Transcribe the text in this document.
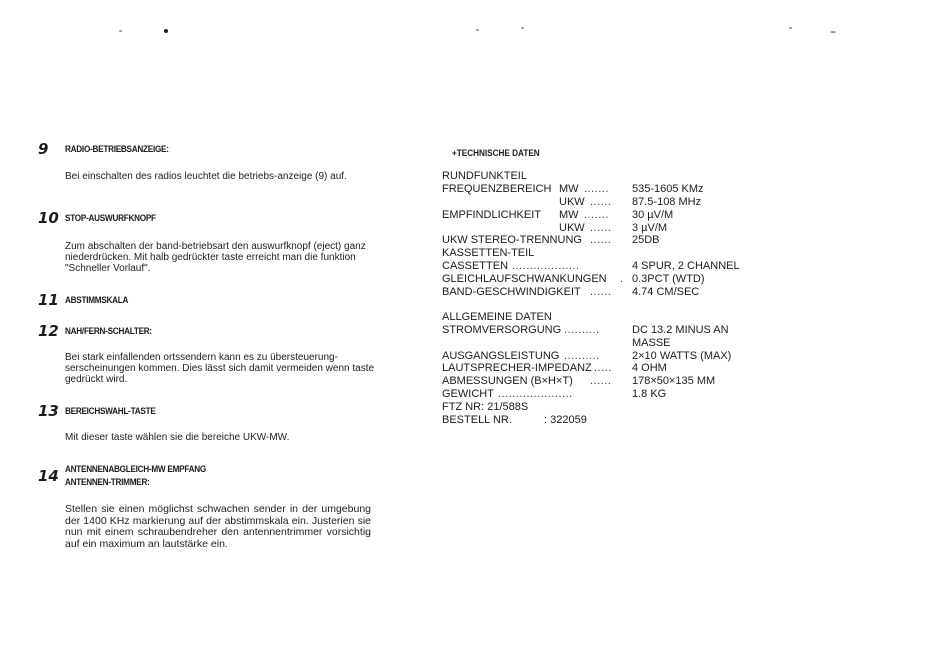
9 RADIO-BETRIEBSANZEIGE:
Bei einschalten des radios leuchtet die betriebs-anzeige (9) auf.
10 STOP-AUSWURFKNOPF
Zum abschalten der band-betriebsart den auswurfknopf (eject) ganz niederdrücken. Mit halb gedrückter taste erreicht man die funktion "Schneller Vorlauf".
11 ABSTIMMSKALA
12 NAH/FERN-SCHALTER:
Bei stark einfallenden ortssendern kann es zu übersteuerung-serscheinungen kommen. Dies lässt sich damit vermeiden wenn taste gedrückt wird.
13 BEREICHSWAHL-TASTE
Mit dieser taste wählen sie die bereiche UKW-MW.
14 ANTENNENABGLEICH-MW EMPFANG
ANTENNEN-TRIMMER:
Stellen sie einen möglichst schwachen sender in der umgebung der 1400 KHz markierung auf der abstimmskala ein. Justerien sie nun mit einem schraubendreher den antennentrimmer vorsichtig auf ein maximum an lautstärke ein.
+TECHNISCHE DATEN
RUNDFUNKTEIL
FREQUENZBEREICH MW ....... 535-1605 KMz
UKW ...... 87.5-108 MHz
EMPFINDLICHKEIT MW ....... 30 µV/M
UKW ...... 3 µV/M
UKW STEREO-TRENNUNG ...... 25DB
KASSETTEN-TEIL
CASSETTEN ...................	4 SPUR, 2 CHANNEL
GLEICHLAUFSCHWANKUNGEN . 0.3PCT (WTD)
BAND-GESCHWINDIGKEIT ...... 4.74 CM/SEC
ALLGEMEINE DATEN
STROMVERSORGUNG ..........	DC 13.2 MINUS AN
MASSE
AUSGANGSLEISTUNG ..........	2×10 WATTS (MAX)
LAUTSPRECHER-IMPEDANZ ..... 4 OHM
ABMESSUNGEN (B×H×T) ...... 178×50×135 MM
GEWICHT .....................	1.8 KG
FTZ NR: 21/588S
BESTELL NR.	: 322059
